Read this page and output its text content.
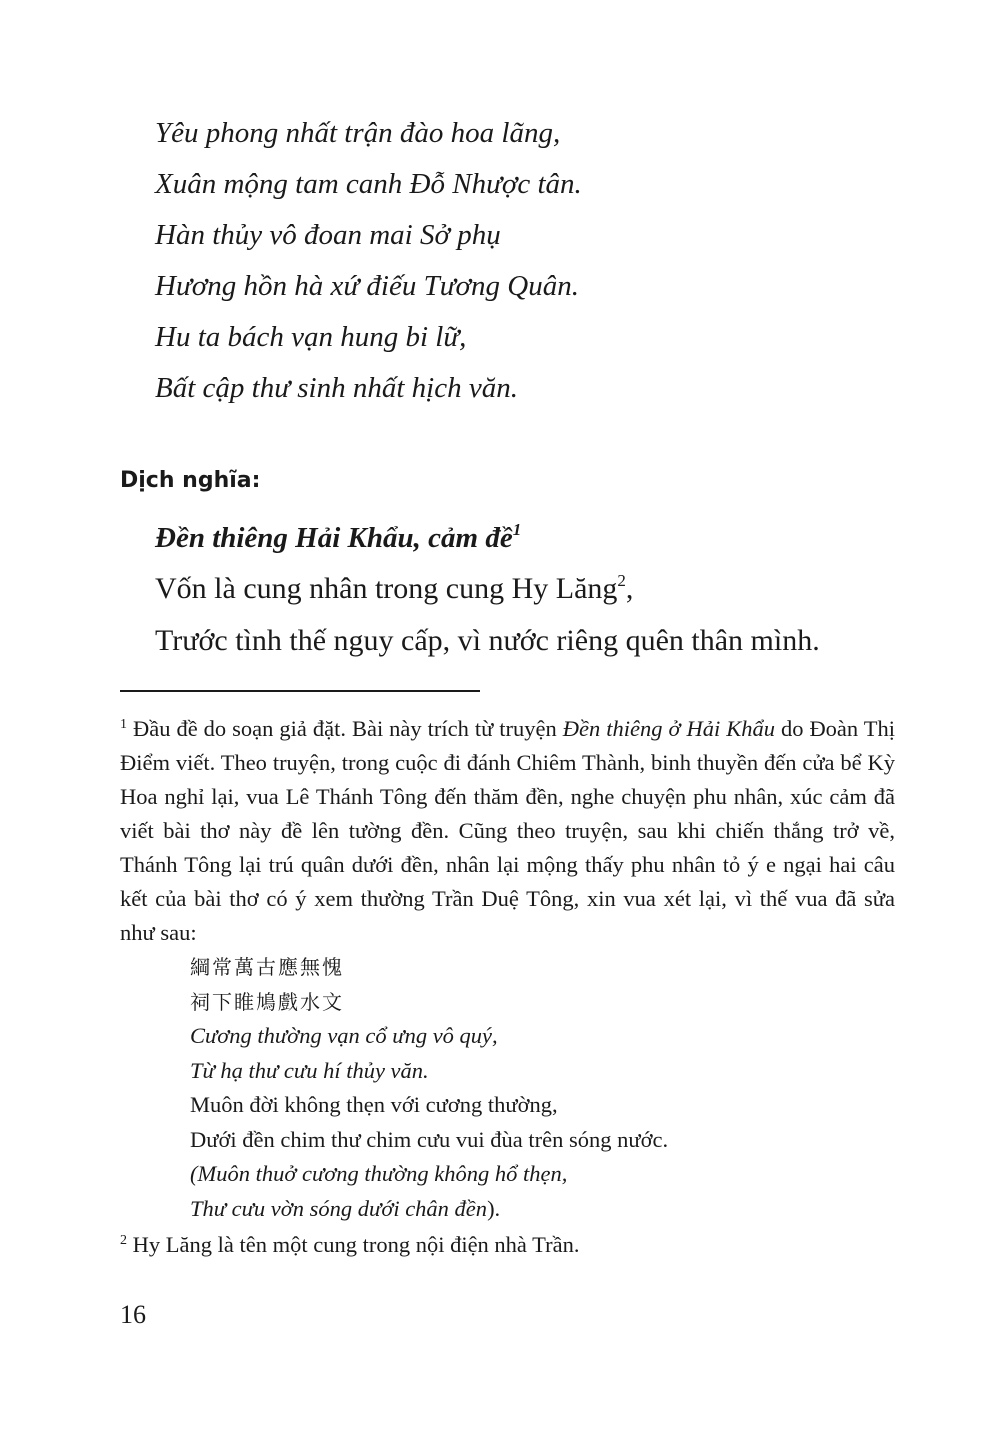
Yêu phong nhất trận đào hoa lãng,
Xuân mộng tam canh Đỗ Nhược tân.
Hàn thủy vô đoan mai Sở phụ
Hương hồn hà xứ điếu Tương Quân.
Hu ta bách vạn hung bi lữ,
Bất cập thư sinh nhất hịch văn.
Dịch nghĩa:
Đền thiêng Hải Khẩu, cảm đề$^1$
Vốn là cung nhân trong cung Hy Lăng$^2$,
Trước tình thế nguy cấp, vì nước riêng quên thân mình.
$^1$ Đầu đề do soạn giả đặt. Bài này trích từ truyện Đền thiêng ở Hải Khẩu do Đoàn Thị Điểm viết. Theo truyện, trong cuộc đi đánh Chiêm Thành, binh thuyền đến cửa bể Kỳ Hoa nghỉ lại, vua Lê Thánh Tông đến thăm đền, nghe chuyện phu nhân, xúc cảm đã viết bài thơ này đề lên tường đền. Cũng theo truyện, sau khi chiến thắng trở về, Thánh Tông lại trú quân dưới đền, nhân lại mộng thấy phu nhân tỏ ý e ngại hai câu kết của bài thơ có ý xem thường Trần Duệ Tông, xin vua xét lại, vì thế vua đã sửa như sau:
綱常萬古應無愧
祠下睢鳩戲水文
Cương thường vạn cổ ưng vô quý,
Từ hạ thư cưu hí thủy văn.
Muôn đời không thẹn với cương thường,
Dưới đền chim thư chim cưu vui đùa trên sóng nước.
(Muôn thuở cương thường không hổ thẹn,
Thư cưu vờn sóng dưới chân đền).
$^2$ Hy Lăng là tên một cung trong nội điện nhà Trần.
16
